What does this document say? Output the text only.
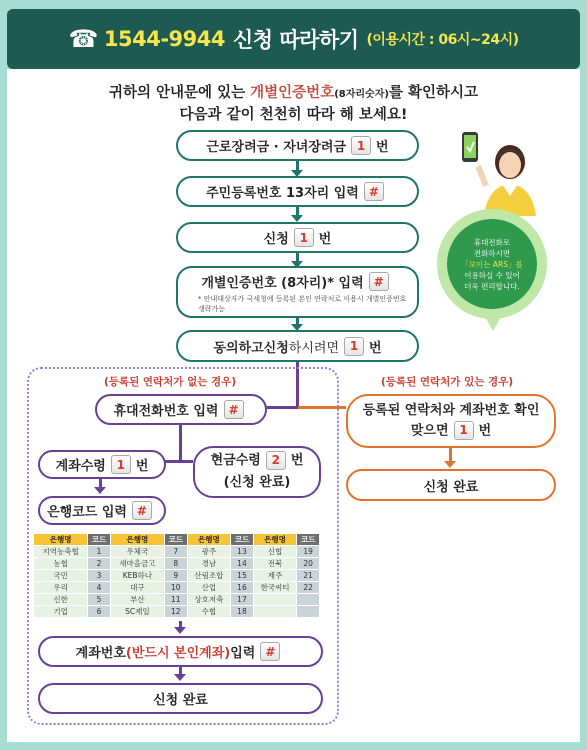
☎ 1544-9944 신청 따라하기 (이용시간 : 06시~24시)
귀하의 안내문에 있는 개별인증번호(8자리숫자)를 확인하시고
다음과 같이 천천히 따라 해 보세요!
근로장려금 · 자녀장려금 1 번
주민등록번호 13자리 입력 #
신청 1 번
개별인증번호 (8자리)* 입력 #
* 안내대상자가 국세청에 등록된 본인 연락처로 이용시 개별인증번호 생략가능
동의하고 신청 하시려면 1 번
(등록된 연락처가 없는 경우)	(등록된 연락처가 있는 경우)
휴대전화번호 입력 #	등록된 연락처와 계좌번호 확인
맞으면 1 번
신청 완료
계좌수령 1 번	현금수령 2 번
(신청 완료)
은행코드 입력 #
은행명	코드	은행명	코드	은행명	코드	은행명	코드
지역농축협	1	우체국	7	광주	13	신협	19
농협	2	새마을금고	8	경남	14	전북	20
국민	3	KEB하나	9	산림조합	15	제주	21
우리	4	대구	10	산업	16	한국씨티	22
신한	5	부산	11	상호저축	17		
기업	6	SC제일	12	수협	18		
계좌번호 (반드시 본인계좌) 입력 #
신청 완료
휴대전화로
전화하시면
「보이는 ARS」를
이용하실 수 있어
더욱 편리합니다.
